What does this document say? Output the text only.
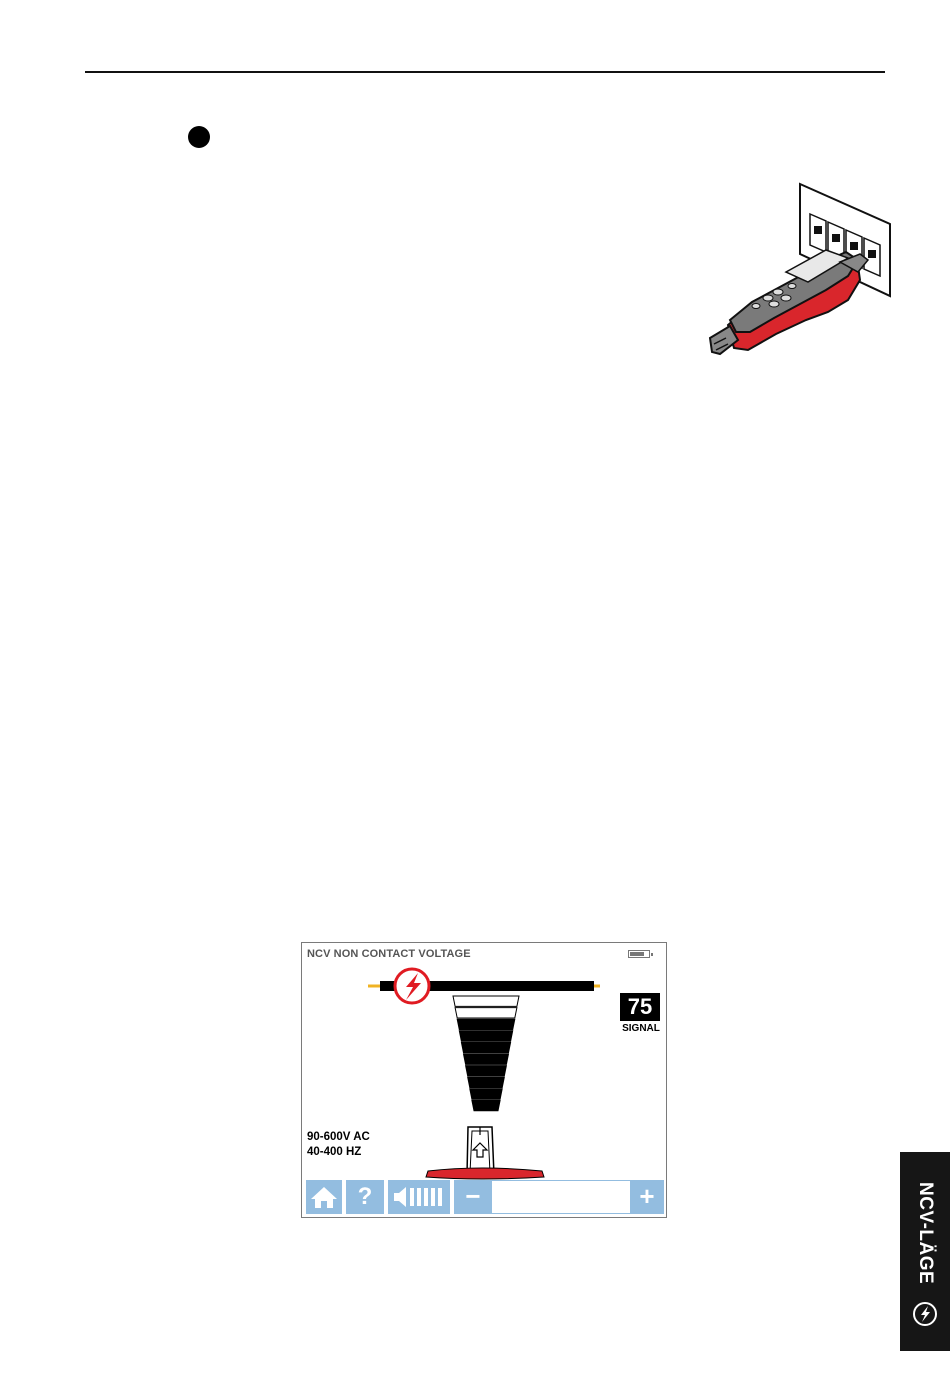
NCV NON CONTACT VOLTAGE
75
SIGNAL
90-600V AC
40-400 HZ
?	−	+	NCV-LÄGE
